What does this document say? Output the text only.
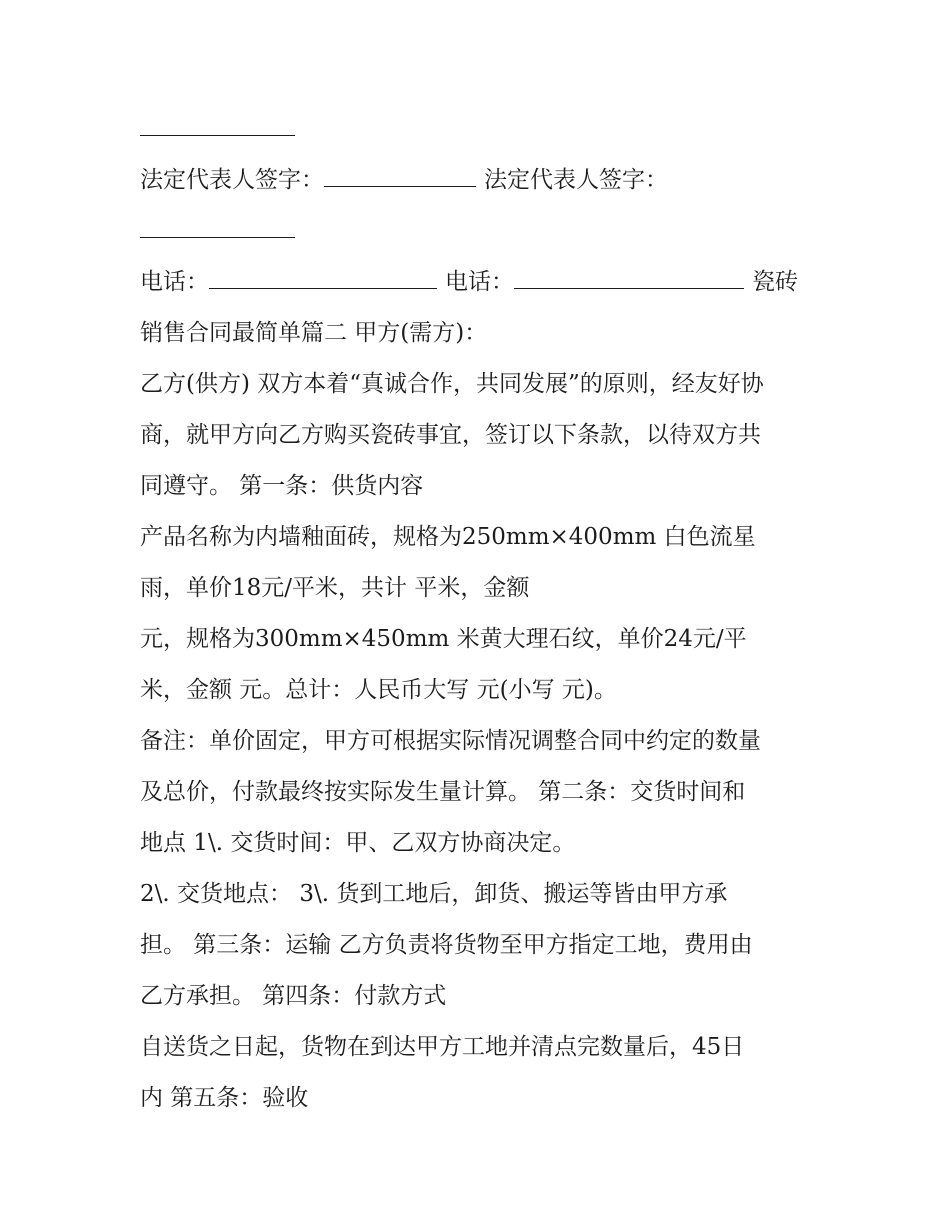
法定代表人签字：	法定代表人签字：
电话：	电话：	瓷砖
销售合同最简单篇二 甲方(需方)：
乙方(供方) 双方本着“真诚合作，共同发展”的原则，经友好协
商，就甲方向乙方购买瓷砖事宜，签订以下条款，以待双方共
同遵守。 第一条：供货内容
产品名称为内墙釉面砖，规格为250mm×400mm 白色流星
雨，单价18元/平米，共计 平米，金额
元，规格为300mm×450mm 米黄大理石纹，单价24元/平
米，金额 元。总计：人民币大写 元(小写 元)。
备注：单价固定，甲方可根据实际情况调整合同中约定的数量
及总价，付款最终按实际发生量计算。 第二条：交货时间和
地点 1\. 交货时间：甲、乙双方协商决定。
2\. 交货地点： 3\. 货到工地后，卸货、搬运等皆由甲方承
担。 第三条：运输 乙方负责将货物至甲方指定工地，费用由
乙方承担。 第四条：付款方式
自送货之日起，货物在到达甲方工地并清点完数量后，45日
内 第五条：验收
